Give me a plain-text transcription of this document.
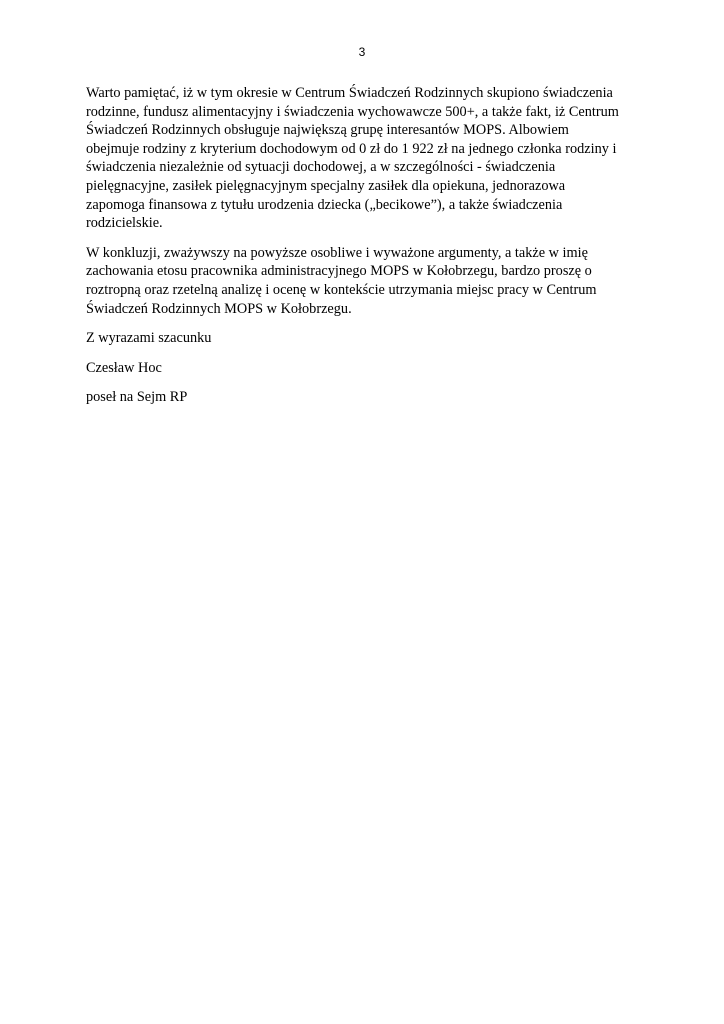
3

Warto pamiętać, iż w tym okresie w Centrum Świadczeń Rodzinnych skupiono świadczenia
rodzinne, fundusz alimentacyjny i świadczenia wychowawcze 500+, a także fakt, iż Centrum
Świadczeń Rodzinnych obsługuje największą grupę interesantów MOPS. Albowiem
obejmuje rodziny z kryterium dochodowym od 0 zł do 1 922 zł na jednego członka rodziny i
świadczenia niezależnie od sytuacji dochodowej, a w szczególności - świadczenia
pielęgnacyjne, zasiłek pielęgnacyjnym specjalny zasiłek dla opiekuna, jednorazowa
zapomoga finansowa z tytułu urodzenia dziecka („becikowe”), a także świadczenia
rodzicielskie.

W konkluzji, zważywszy na powyższe osobliwe i wyważone argumenty, a także w imię
zachowania etosu pracownika administracyjnego MOPS w Kołobrzegu, bardzo proszę o
roztropną oraz rzetelną analizę i ocenę w kontekście utrzymania miejsc pracy w Centrum
Świadczeń Rodzinnych MOPS w Kołobrzegu.

Z wyrazami szacunku

Czesław Hoc

poseł na Sejm RP
